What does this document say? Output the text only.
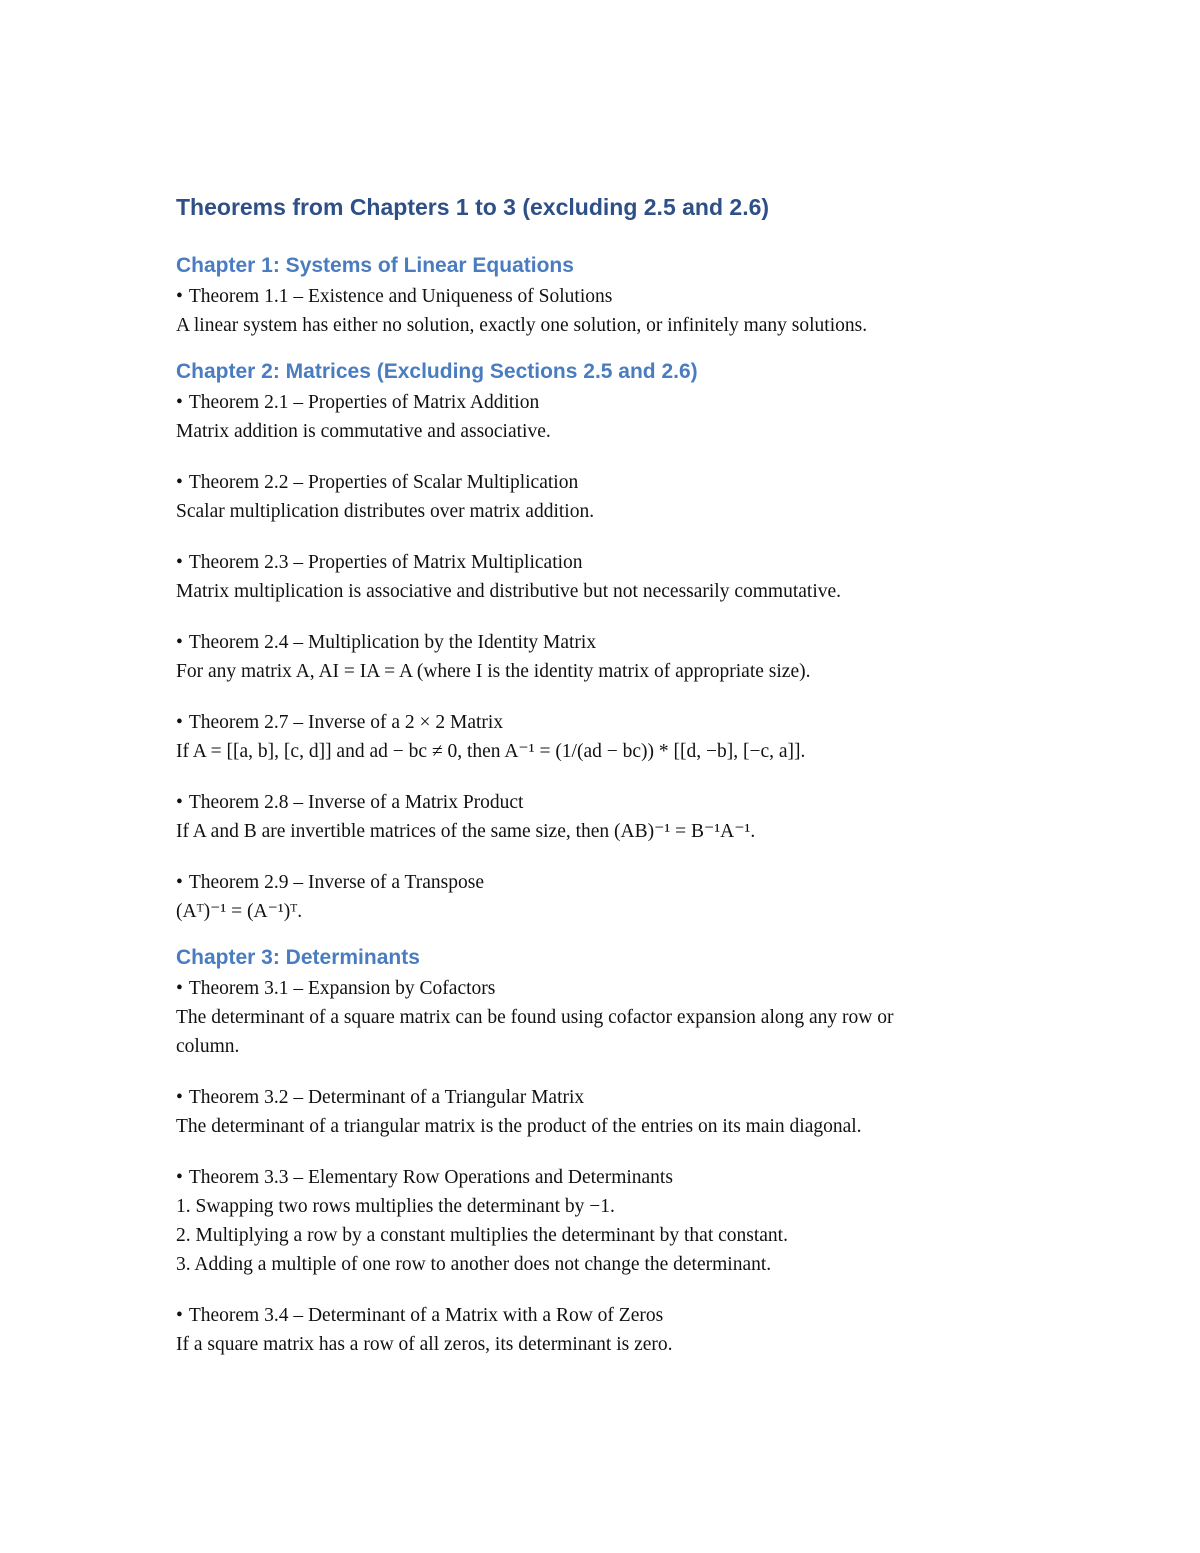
Theorems from Chapters 1 to 3 (excluding 2.5 and 2.6)
Chapter 1: Systems of Linear Equations

• Theorem 1.1 – Existence and Uniqueness of Solutions

A linear system has either no solution, exactly one solution, or infinitely many solutions.

Chapter 2: Matrices (Excluding Sections 2.5 and 2.6)

• Theorem 2.1 – Properties of Matrix Addition

Matrix addition is commutative and associative.

• Theorem 2.2 – Properties of Scalar Multiplication

Scalar multiplication distributes over matrix addition.

• Theorem 2.3 – Properties of Matrix Multiplication

Matrix multiplication is associative and distributive but not necessarily commutative.

• Theorem 2.4 – Multiplication by the Identity Matrix

For any matrix A, AI = IA = A (where I is the identity matrix of appropriate size).

• Theorem 2.7 – Inverse of a 2 × 2 Matrix

If A = [[a, b], [c, d]] and ad − bc ≠ 0, then A⁻¹ = (1/(ad − bc)) * [[d, −b], [−c, a]].

• Theorem 2.8 – Inverse of a Matrix Product

If A and B are invertible matrices of the same size, then (AB)⁻¹ = B⁻¹A⁻¹.

• Theorem 2.9 – Inverse of a Transpose

(Aᵀ)⁻¹ = (A⁻¹)ᵀ.

Chapter 3: Determinants

• Theorem 3.1 – Expansion by Cofactors

The determinant of a square matrix can be found using cofactor expansion along any row or

column.

• Theorem 3.2 – Determinant of a Triangular Matrix

The determinant of a triangular matrix is the product of the entries on its main diagonal.

• Theorem 3.3 – Elementary Row Operations and Determinants

1. Swapping two rows multiplies the determinant by −1.

2. Multiplying a row by a constant multiplies the determinant by that constant.

3. Adding a multiple of one row to another does not change the determinant.

• Theorem 3.4 – Determinant of a Matrix with a Row of Zeros

If a square matrix has a row of all zeros, its determinant is zero.
